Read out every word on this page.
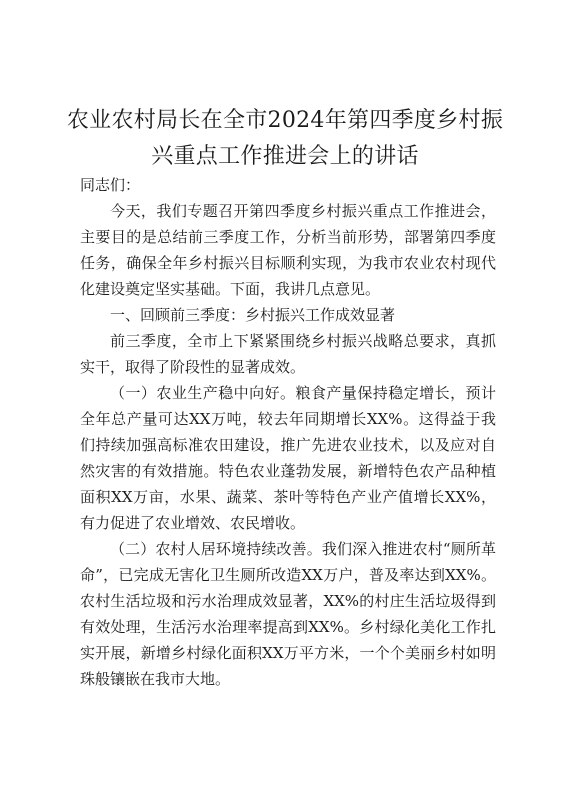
农业农村局长在全市2024年第四季度乡村振兴重点工作推进会上的讲话

同志们：

今天，我们专题召开第四季度乡村振兴重点工作推进会，主要目的是总结前三季度工作，分析当前形势，部署第四季度任务，确保全年乡村振兴目标顺利实现，为我市农业农村现代化建设奠定坚实基础。下面，我讲几点意见。

一、回顾前三季度：乡村振兴工作成效显著

前三季度，全市上下紧紧围绕乡村振兴战略总要求，真抓实干，取得了阶段性的显著成效。

（一）农业生产稳中向好。粮食产量保持稳定增长，预计全年总产量可达XX万吨，较去年同期增长XX%。这得益于我们持续加强高标准农田建设，推广先进农业技术，以及应对自然灾害的有效措施。特色农业蓬勃发展，新增特色农产品种植面积XX万亩，水果、蔬菜、茶叶等特色产业产值增长XX%，有力促进了农业增效、农民增收。

（二）农村人居环境持续改善。我们深入推进农村“厕所革命”，已完成无害化卫生厕所改造XX万户，普及率达到XX%。农村生活垃圾和污水治理成效显著，XX%的村庄生活垃圾得到有效处理，生活污水治理率提高到XX%。乡村绿化美化工作扎实开展，新增乡村绿化面积XX万平方米，一个个美丽乡村如明珠般镶嵌在我市大地。
